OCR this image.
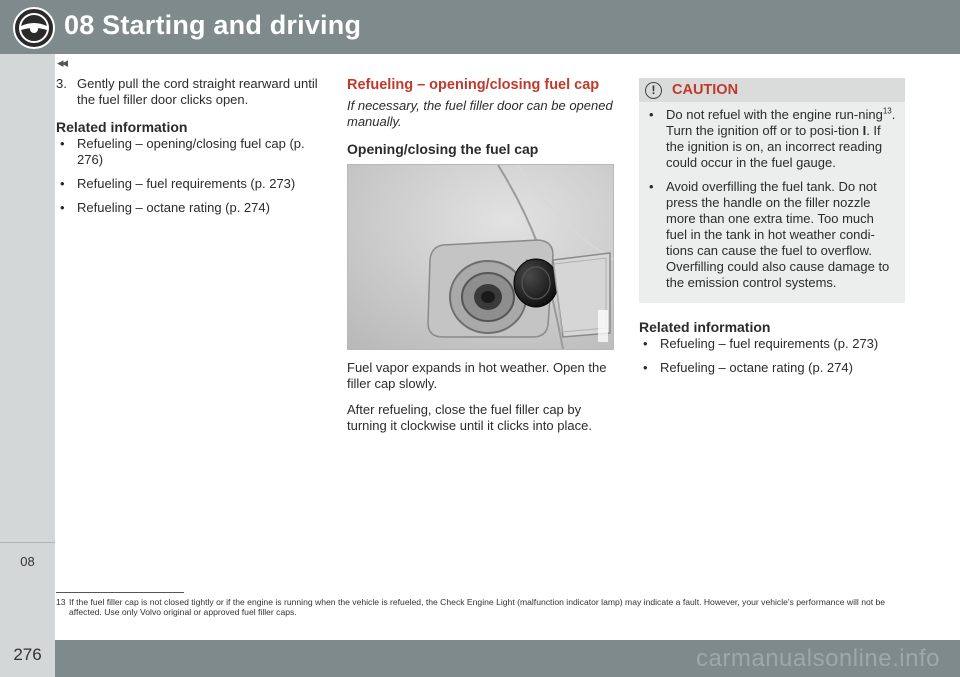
08 Starting and driving
◂◂
08
3. Gently pull the cord straight rearward until the fuel filler door clicks open.
Related information
• Refueling – opening/closing fuel cap (p. 276)
• Refueling – fuel requirements (p. 273)
• Refueling – octane rating (p. 274)
Refueling – opening/closing fuel cap
If necessary, the fuel filler door can be opened manually.
Opening/closing the fuel cap
Fuel vapor expands in hot weather. Open the filler cap slowly.
After refueling, close the fuel filler cap by turning it clockwise until it clicks into place.
!	CAUTION
• Do not refuel with the engine run-ning$^{13}$. Turn the ignition off or to posi-tion I. If the ignition is on, an incorrect reading could occur in the fuel gauge.
• Avoid overfilling the fuel tank. Do not press the handle on the filler nozzle more than one extra time. Too much fuel in the tank in hot weather condi-tions can cause the fuel to overflow. Overfilling could also cause damage to the emission control systems.
Related information
• Refueling – fuel requirements (p. 273)
• Refueling – octane rating (p. 274)
13 If the fuel filler cap is not closed tightly or if the engine is running when the vehicle is refueled, the Check Engine Light (malfunction indicator lamp) may indicate a fault. However, your vehicle's performance will not be affected. Use only Volvo original or approved fuel filler caps.
276	carmanualsonline.info
